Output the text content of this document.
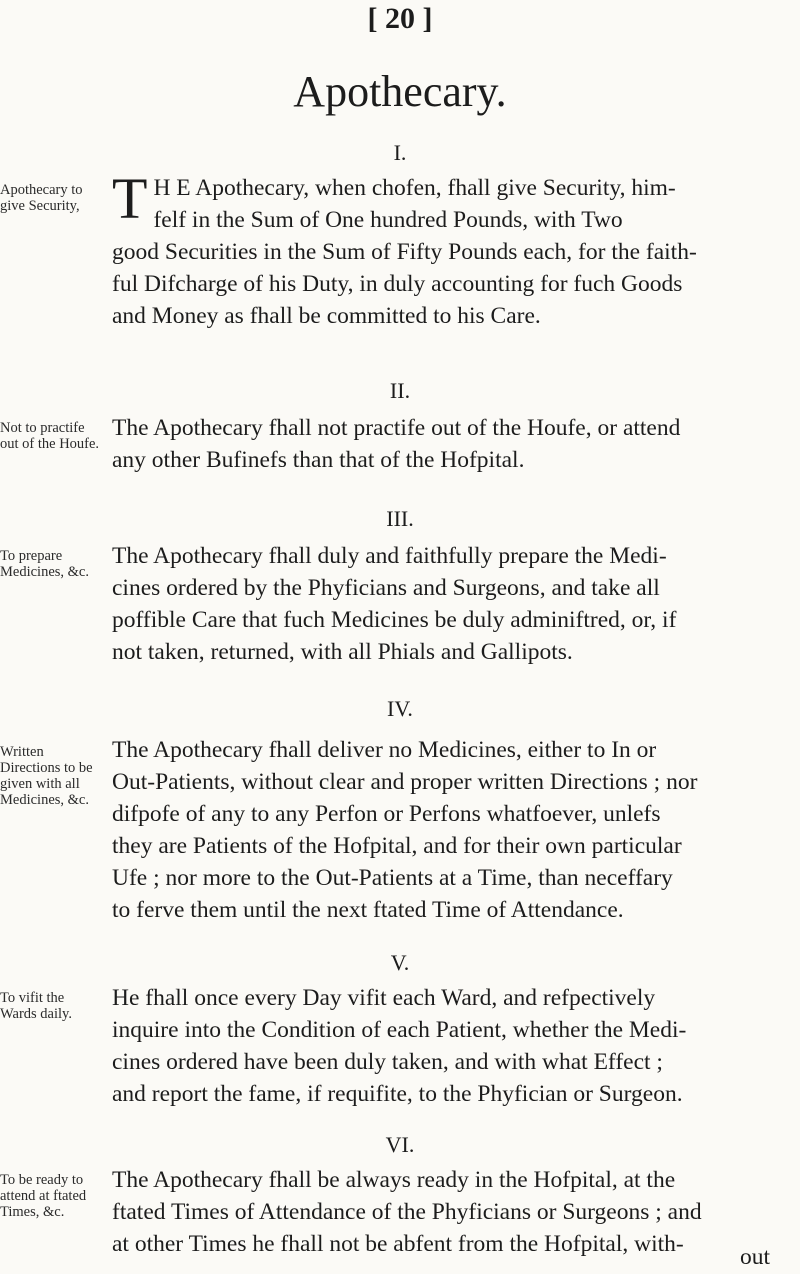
[ 20 ]
Apothecary.
I.
Apothecary to give Security, T H E Apothecary, when chofen, fhall give Security, him-
felf in the Sum of One hundred Pounds, with Two
good Securities in the Sum of Fifty Pounds each, for the faith-
ful Difcharge of his Duty, in duly accounting for fuch Goods
and Money as fhall be committed to his Care.
II.
Not to practife out of the Houfe.
The Apothecary fhall not practife out of the Houfe, or attend
any other Bufinefs than that of the Hofpital.
III.
To prepare Medicines, &c.
The Apothecary fhall duly and faithfully prepare the Medi-
cines ordered by the Phyficians and Surgeons, and take all
poffible Care that fuch Medicines be duly adminiftred, or, if
not taken, returned, with all Phials and Gallipots.
IV.
Written Directions to be given with all Medicines, &c.
The Apothecary fhall deliver no Medicines, either to In or
Out-Patients, without clear and proper written Directions ; nor
difpofe of any to any Perfon or Perfons whatfoever, unlefs
they are Patients of the Hofpital, and for their own particular
Ufe ; nor more to the Out-Patients at a Time, than neceffary
to ferve them until the next ftated Time of Attendance.
V.
To vifit the Wards daily.
He fhall once every Day vifit each Ward, and refpectively
inquire into the Condition of each Patient, whether the Medi-
cines ordered have been duly taken, and with what Effect ;
and report the fame, if requifite, to the Phyfician or Surgeon.
VI.
To be ready to attend at ftated Times, &c.
The Apothecary fhall be always ready in the Hofpital, at the
ftated Times of Attendance of the Phyficians or Surgeons ; and
at other Times he fhall not be abfent from the Hofpital, with-	out
